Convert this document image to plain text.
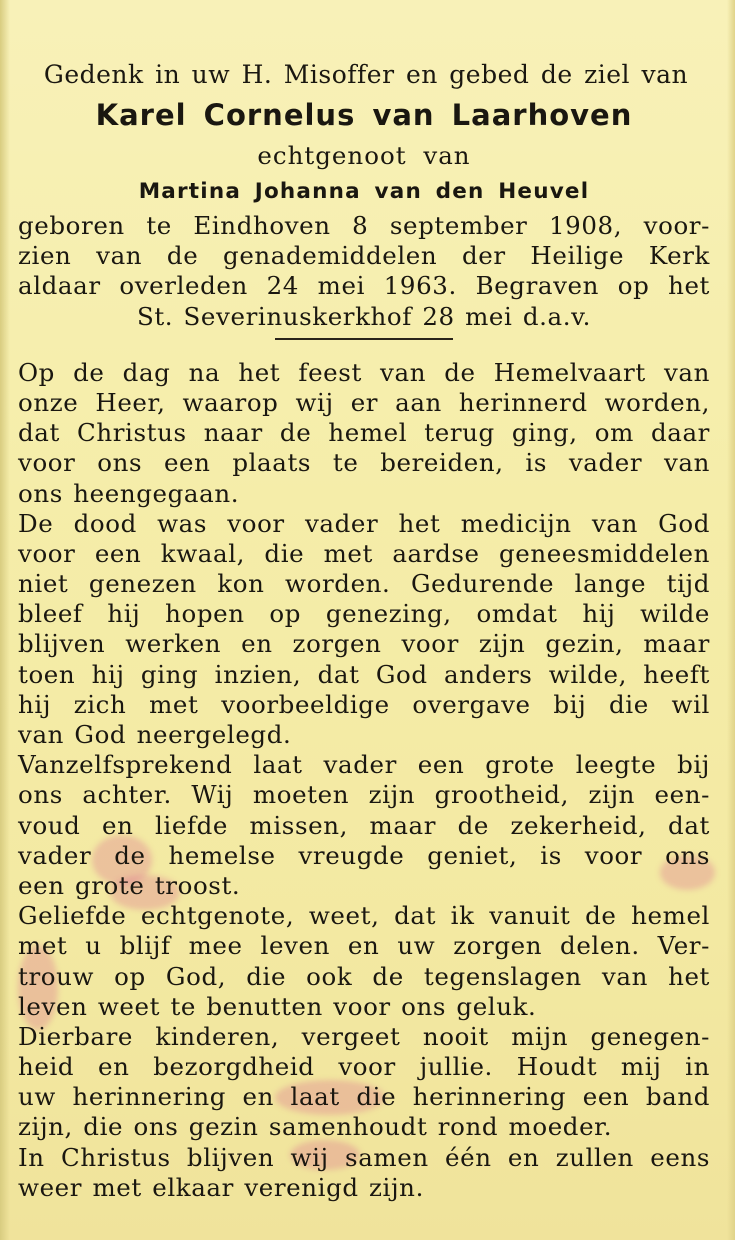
Gedenk in uw H. Misoffer en gebed de ziel van
Karel Cornelus van Laarhoven
echtgenoot van
Martina Johanna van den Heuvel
geboren te Eindhoven 8 september 1908, voor-
zien van de genademiddelen der Heilige Kerk
aldaar overleden 24 mei 1963. Begraven op het
St. Severinuskerkhof 28 mei d.a.v.
Op de dag na het feest van de Hemelvaart van
onze Heer, waarop wij er aan herinnerd worden,
dat Christus naar de hemel terug ging, om daar
voor ons een plaats te bereiden, is vader van
ons heengegaan.
De dood was voor vader het medicijn van God
voor een kwaal, die met aardse geneesmiddelen
niet genezen kon worden. Gedurende lange tijd
bleef hij hopen op genezing, omdat hij wilde
blijven werken en zorgen voor zijn gezin, maar
toen hij ging inzien, dat God anders wilde, heeft
hij zich met voorbeeldige overgave bij die wil
van God neergelegd.
Vanzelfsprekend laat vader een grote leegte bij
ons achter. Wij moeten zijn grootheid, zijn een-
voud en liefde missen, maar de zekerheid, dat
vader de hemelse vreugde geniet, is voor ons
een grote troost.
Geliefde echtgenote, weet, dat ik vanuit de hemel
met u blijf mee leven en uw zorgen delen. Ver-
trouw op God, die ook de tegenslagen van het
leven weet te benutten voor ons geluk.
Dierbare kinderen, vergeet nooit mijn genegen-
heid en bezorgdheid voor jullie. Houdt mij in
uw herinnering en laat die herinnering een band
zijn, die ons gezin samenhoudt rond moeder.
In Christus blijven wij samen één en zullen eens
weer met elkaar verenigd zijn.
